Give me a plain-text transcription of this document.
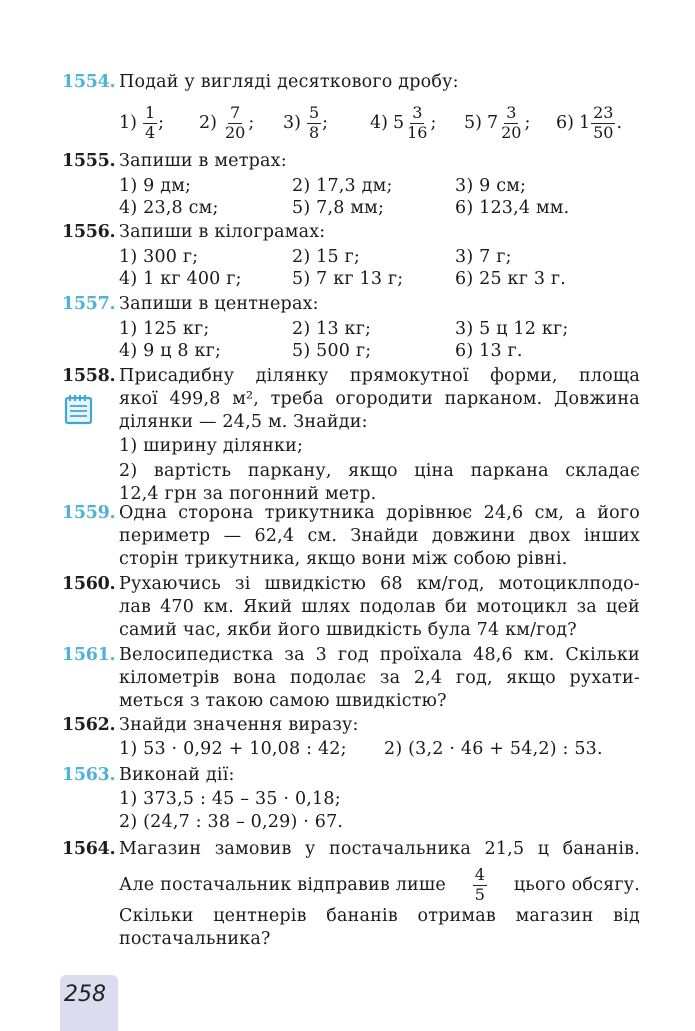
1554. Подай у вигляді десяткового дробу:
$1) \frac{1}{4}$ ; $2) \frac{7}{20}$ ; $3) \frac{5}{8}$ ; 4) $5 \frac{3}{16}$ ; 5) $7 \frac{3}{20}$ ; 6) $1 \frac{23}{50}$ .
1555. Запиши в метрах:
1) 9 дм;	2) 17,3 дм;	3) 9 см;
4) 23,8 см;	5) 7,8 мм;	6) 123,4 мм.
1556. Запиши в кілограмах:
1) 300 г;	2) 15 г;	3) 7 г;
4) 1 кг 400 г;	5) 7 кг 13 г;	6) 25 кг 3 г.
1557. Запиши в центнерах:
1) 125 кг;	2) 13 кг;	3) 5 ц 12 кг;
4) 9 ц 8 кг;	5) 500 г;	6) 13 г.
1558. Присадибну ділянку прямокутної форми, площа
якої 499,8 м², треба огородити парканом. Довжина
ділянки — 24,5 м. Знайди:
1) ширину ділянки;
2) вартість паркану, якщо ціна паркана складає
12,4 грн за погонний метр.
1559. Одна сторона трикутника дорівнює 24,6 см, а його
периметр — 62,4 см. Знайди довжини двох інших
сторін трикутника, якщо вони між собою рівні.
1560. Рухаючись зі швидкістю 68 км/год, мотоциклподо-
лав 470 км. Який шлях подолав би мотоцикл за цей
самий час, якби його швидкість була 74 км/год?
1561. Велосипедистка за 3 год проїхала 48,6 км. Скільки
кілометрів вона подолає за 2,4 год, якщо рухати-
меться з такою самою швидкістю?
1562. Знайди значення виразу:
1) 53 · 0,92 + 10,08 : 42; 2) (3,2 · 46 + 54,2) : 53.
1563. Виконай дії:
1) 373,5 : 45 – 35 · 0,18;
2) (24,7 : 38 – 0,29) · 67.
1564. Магазин замовив у постачальника 21,5 ц бананів.
Але постачальник відправив лише $\frac{4}{5}$ цього обсягу.
Скільки центнерів бананів отримав магазин від
постачальника?
258
